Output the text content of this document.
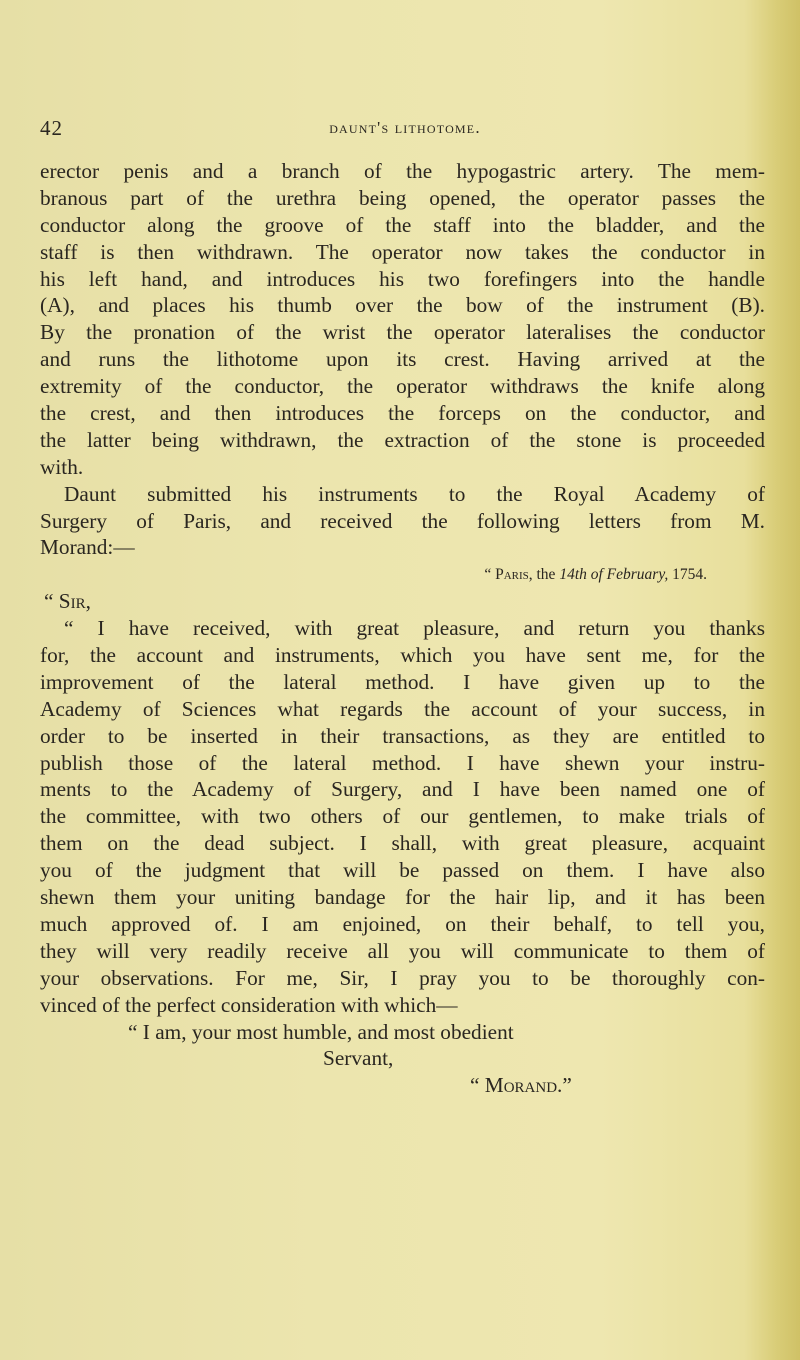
42	daunt's lithotome.
erector penis and a branch of the hypogastric artery. The mem-
branous part of the urethra being opened, the operator passes the
conductor along the groove of the staff into the bladder, and the
staff is then withdrawn. The operator now takes the conductor in
his left hand, and introduces his two forefingers into the handle
(A), and places his thumb over the bow of the instrument (B).
By the pronation of the wrist the operator lateralises the conductor
and runs the lithotome upon its crest. Having arrived at the
extremity of the conductor, the operator withdraws the knife along
the crest, and then introduces the forceps on the conductor, and
the latter being withdrawn, the extraction of the stone is proceeded
with.
Daunt submitted his instruments to the Royal Academy of
Surgery of Paris, and received the following letters from M.
Morand:—
“ Paris, the 14th of February, 1754.
“ Sir,
“ I have received, with great pleasure, and return you thanks
for, the account and instruments, which you have sent me, for the
improvement of the lateral method. I have given up to the
Academy of Sciences what regards the account of your success, in
order to be inserted in their transactions, as they are entitled to
publish those of the lateral method. I have shewn your instru-
ments to the Academy of Surgery, and I have been named one of
the committee, with two others of our gentlemen, to make trials of
them on the dead subject. I shall, with great pleasure, acquaint
you of the judgment that will be passed on them. I have also
shewn them your uniting bandage for the hair lip, and it has been
much approved of. I am enjoined, on their behalf, to tell you,
they will very readily receive all you will communicate to them of
your observations. For me, Sir, I pray you to be thoroughly con-
vinced of the perfect consideration with which—
“ I am, your most humble, and most obedient
Servant,
“ Morand.”
